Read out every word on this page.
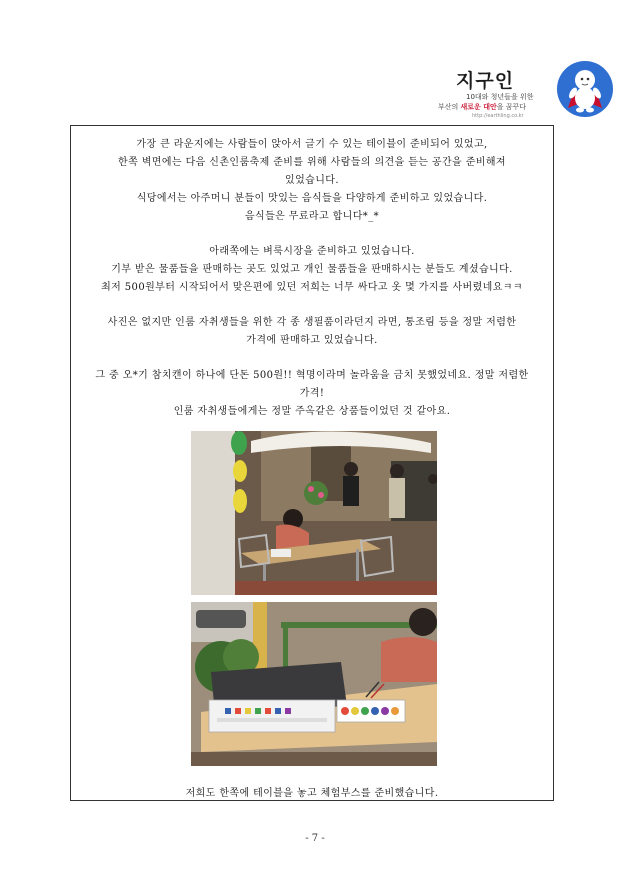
지구인
10대와 청년들을 위한
부산의 새로운 대안을 꿈꾸다
http://earthling.co.kr

가장 큰 라운지에는 사람들이 앉아서 글기 수 있는 테이블이 준비되어 있었고,

한쪽 벽면에는 다음 신촌인룸축제 준비를 위해 사람들의 의견을 듣는 공간을 준비해져

있었습니다.

식당에서는 아주머니 분들이 맛있는 음식들을 다양하게 준비하고 있었습니다.

음식들은 무료라고 합니다*_*

아래쪽에는 벼룩시장을 준비하고 있었습니다.

기부 받은 물품들을 판매하는 곳도 있었고 개인 물품들을 판매하시는 분들도 계셨습니다.

최저 500원부터 시작되어서 맞은편에 있던 저희는 너무 싸다고 옷 몇 가지를 사버렸네요ㅋㅋ

사진은 없지만 인룸 자취생들을 위한 각 종 생필품이라던지 라면, 통조림 등을 정말 저렴한

가격에 판매하고 있었습니다.

그 중 오*기 참치캔이 하나에 단돈 500원!! 혁명이라며 놀라움을 금치 못했었네요. 정말 저렴한

가격!

인룸 자취생들에게는 정말 주옥같은 상품들이었던 것 같아요.

저희도 한쪽에 테이블을 놓고 체험부스를 준비했습니다.
- 7 -
